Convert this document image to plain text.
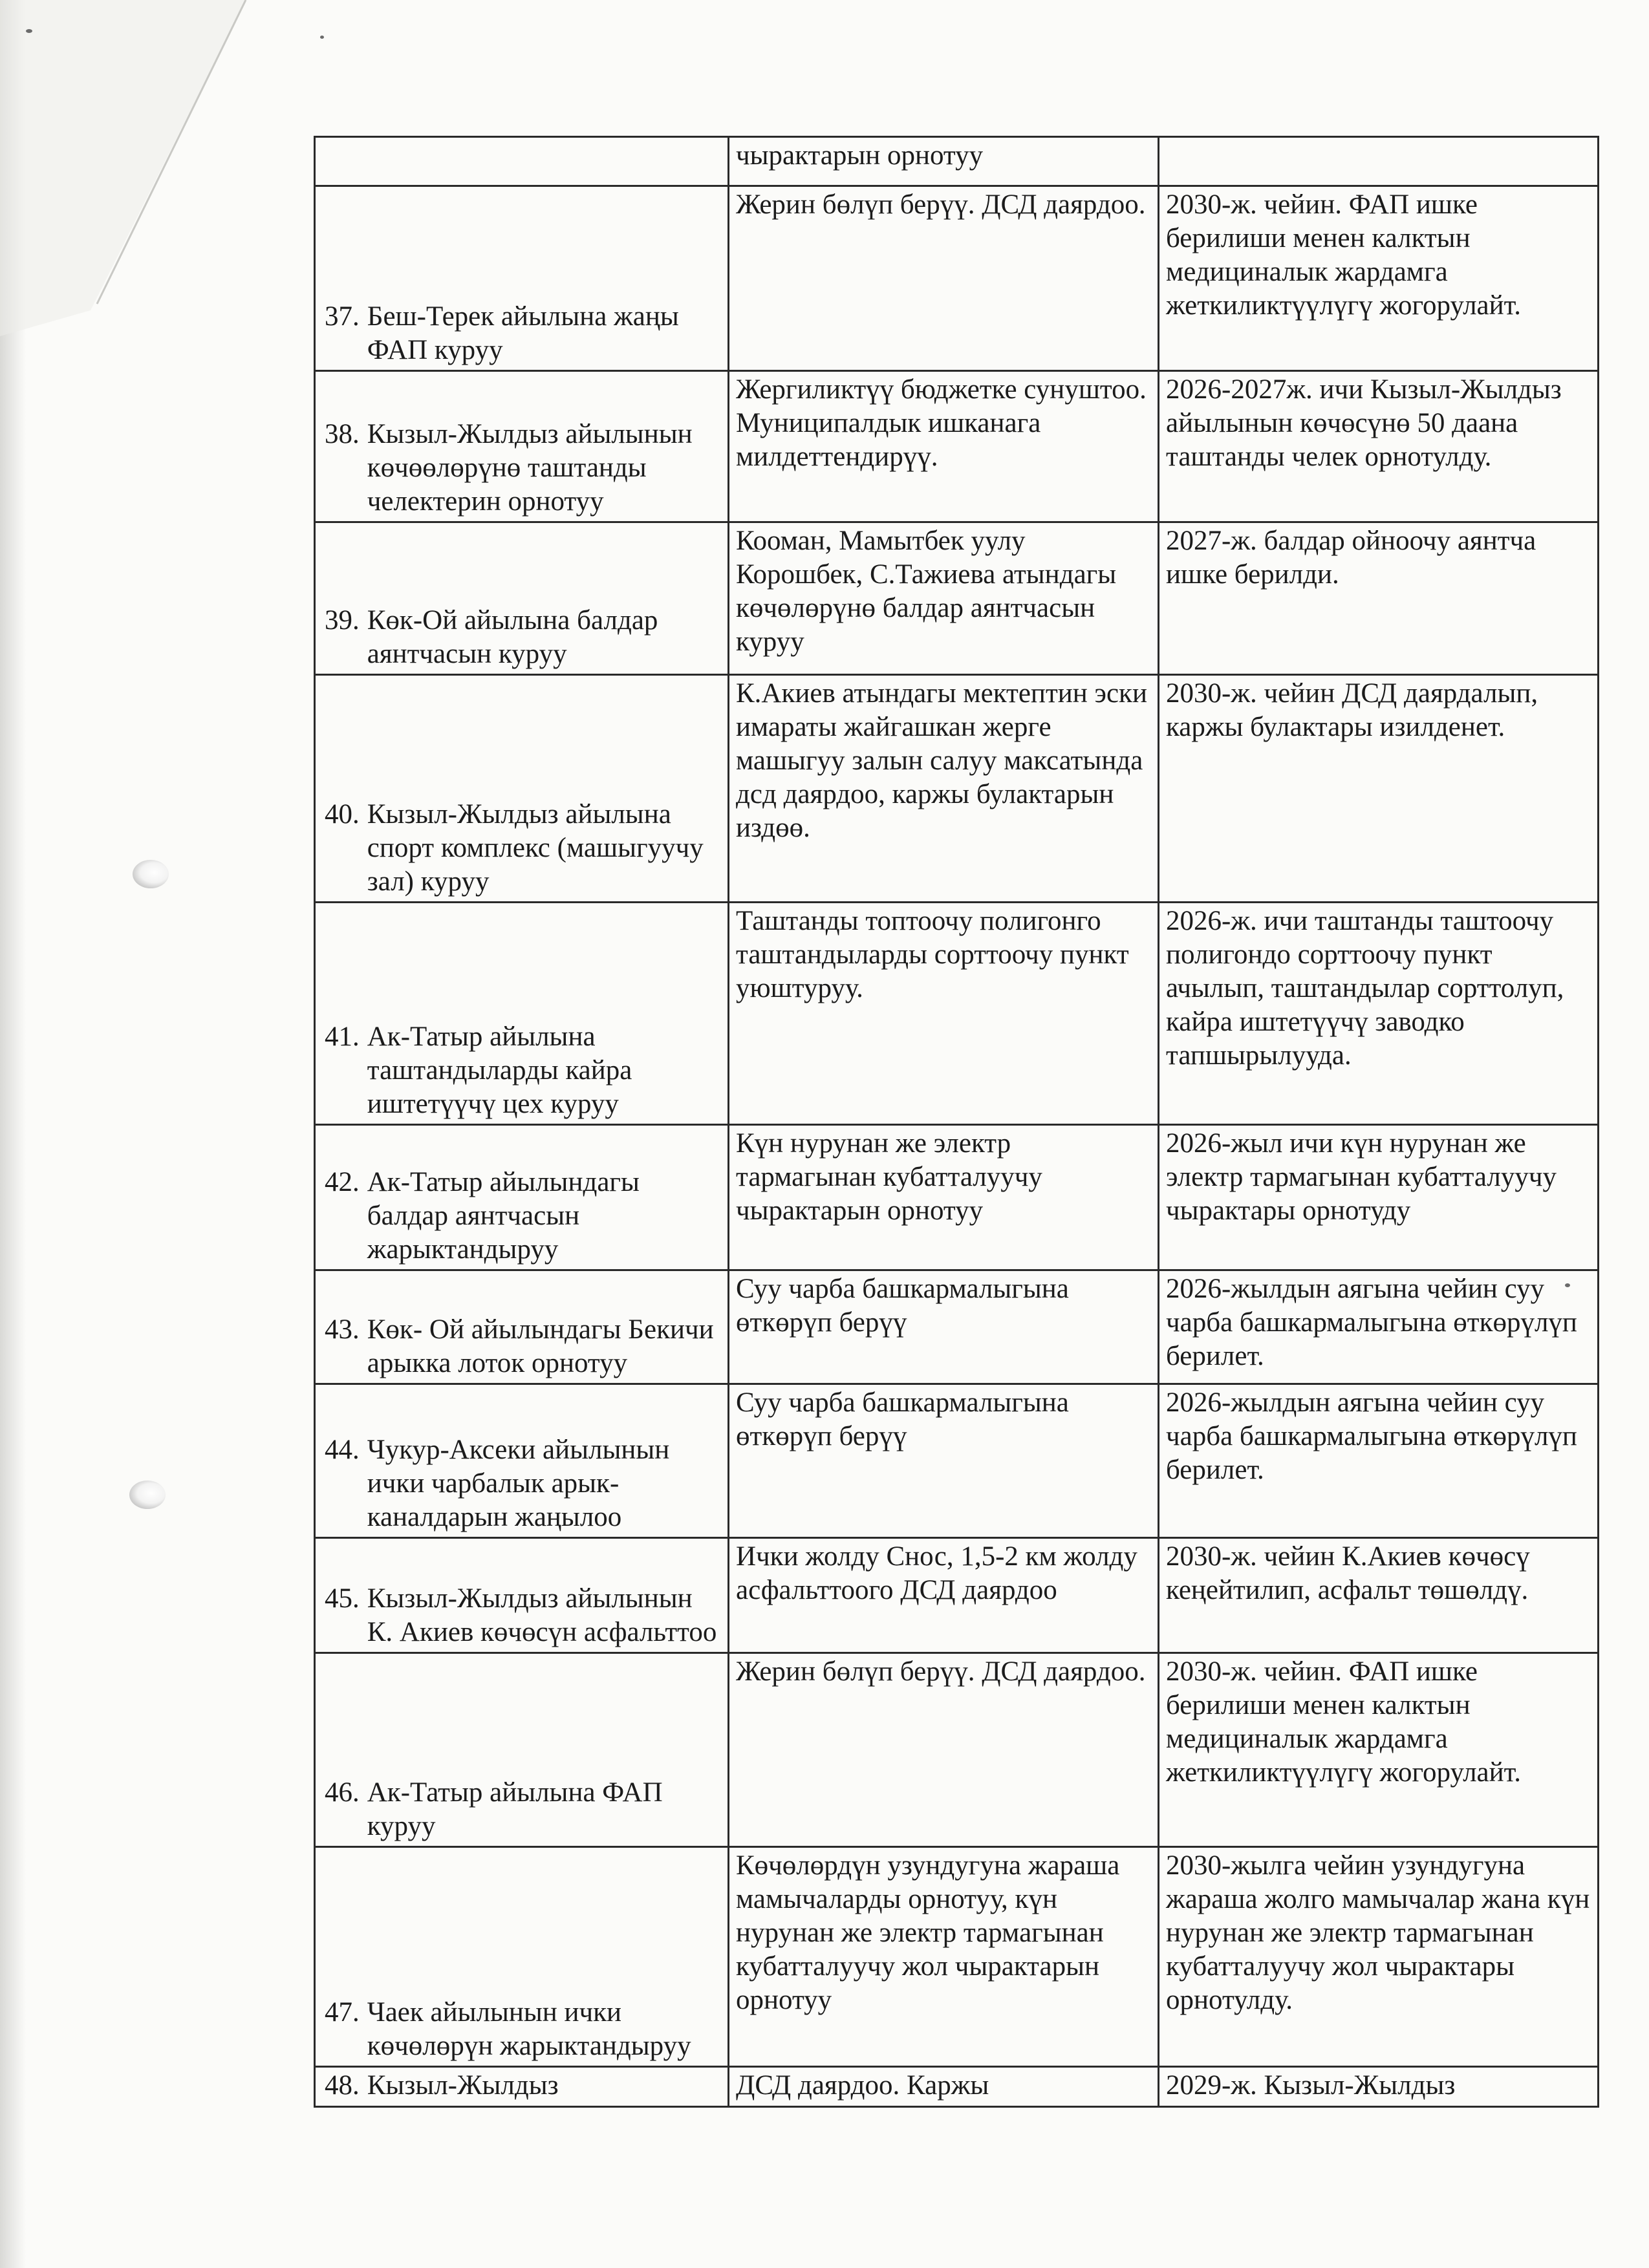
	чырактарын орнотуу	

37. Беш-Терек айылына жаңы ФАП куруу	Жерин бөлүп берүү. ДСД даярдоо.	2030-ж. чейин. ФАП ишке берилиши менен калктын медициналык жардамга жеткиликтүүлүгү жогорулайт.

38. Кызыл-Жылдыз айылынын көчөөлөрүнө таштанды челектерин орнотуу	Жергиликтүү бюджетке сунуштоо. Муниципалдык ишканага милдеттендирүү.	2026-2027ж. ичи Кызыл-Жылдыз айылынын көчөсүнө 50 даана таштанды челек орнотулду.

39. Көк-Ой айылына балдар аянтчасын куруу	Кооман, Мамытбек уулу Корошбек, С.Тажиева атындагы көчөлөрүнө балдар аянтчасын куруу	2027-ж. балдар ойноочу аянтча ишке берилди.

40. Кызыл-Жылдыз айылына спорт комплекс (машыгуучу зал) куруу	К.Акиев атындагы мектептин эски имараты жайгашкан жерге машыгуу залын салуу максатында дсд даярдоо, каржы булактарын издөө.	2030-ж. чейин ДСД даярдалып, каржы булактары изилденет.

41. Ак-Татыр айылына таштандыларды кайра иштетүүчү цех куруу	Таштанды топтоочу полигонго таштандыларды сорттоочу пункт уюштуруу.	2026-ж. ичи таштанды таштоочу полигондо сорттоочу пункт ачылып, таштандылар сорттолуп, кайра иштетүүчү заводко тапшырылууда.

42. Ак-Татыр айылындагы балдар аянтчасын жарыктандыруу	Күн нурунан же электр тармагынан кубатталуучу чырактарын орнотуу	2026-жыл ичи күн нурунан же электр тармагынан кубатталуучу чырактары орнотуду

43. Көк- Ой айылындагы Бекичи арыкка лоток орнотуу	Суу чарба башкармалыгына өткөрүп берүү	2026-жылдын аягына чейин суу чарба башкармалыгына өткөрүлүп берилет.

44. Чукур-Аксеки айылынын ички чарбалык арык-каналдарын жаңылоо	Суу чарба башкармалыгына өткөрүп берүү	2026-жылдын аягына чейин суу чарба башкармалыгына өткөрүлүп берилет.

45. Кызыл-Жылдыз айылынын К. Акиев көчөсүн асфальттоо	Ички жолду Снос, 1,5-2 км жолду асфальттоого ДСД даярдоо	2030-ж. чейин К.Акиев көчөсү кеңейтилип, асфальт төшөлдү.

46. Ак-Татыр айылына ФАП куруу	Жерин бөлүп берүү. ДСД даярдоо.	2030-ж. чейин. ФАП ишке берилиши менен калктын медициналык жардамга жеткиликтүүлүгү жогорулайт.

47. Чаек айылынын ички көчөлөрүн жарыктандыруу	Көчөлөрдүн узундугуна жараша мамычаларды орнотуу, күн нурунан же электр тармагынан кубатталуучу жол чырактарын орнотуу	2030-жылга чейин узундугуна жараша жолго мамычалар жана күн нурунан же электр тармагынан кубатталуучу жол чырактары орнотулду.

48. Кызыл-Жылдыз	ДСД даярдоо. Каржы	2029-ж. Кызыл-Жылдыз
